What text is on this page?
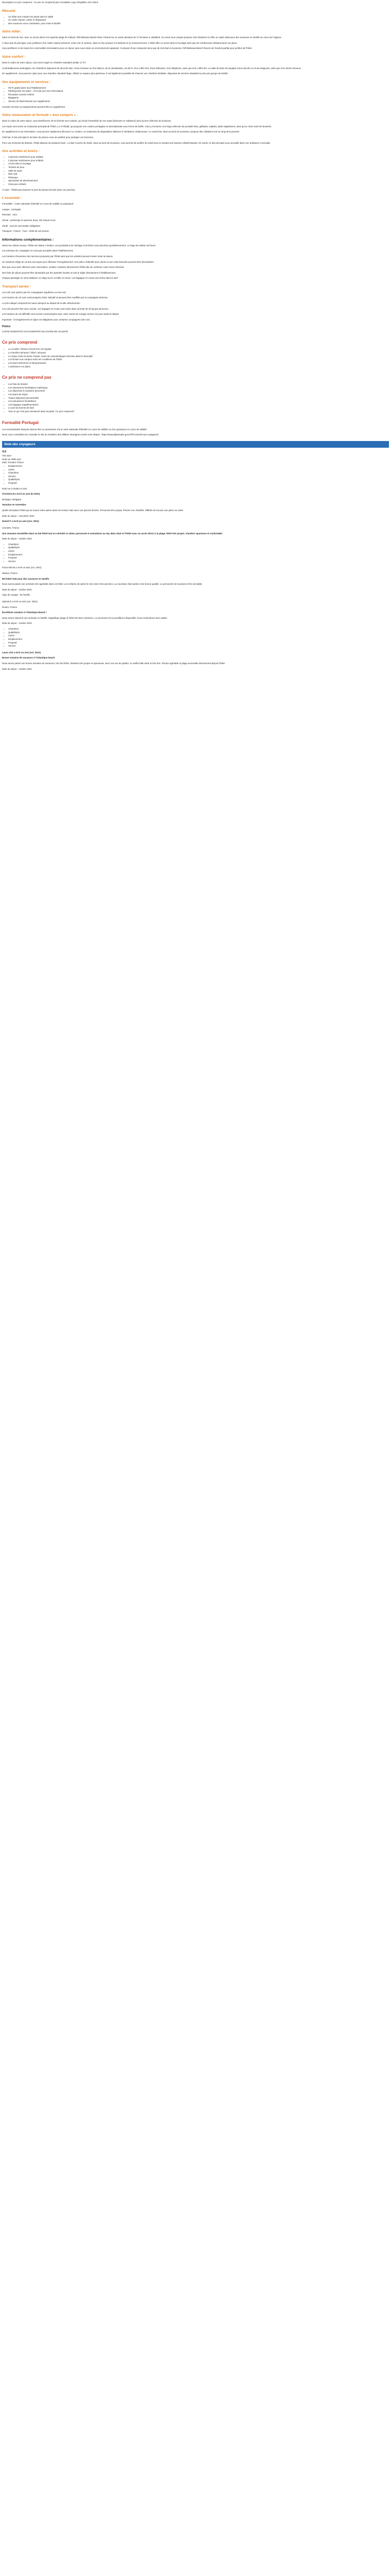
Description Ce prix comprend : Ce prix ne comprend pas Formalités Logo d'équilibre Avis Client

Résumé
• Un hôtel tout compris les pieds dans le sable
• Un cadre naturel, calme et dépaysant
• Des vacances sous contraintes, pour toute la famille
Votre hôtel :

Situé en bord de mer, avec un accès direct à la superbe plage de Fabiosi, l'Elf-Belivana Beach River s'étend sur un vaste domaine de 17 hectares à Jebalboit. Ce resort tout compris propose 218 chambres et offre un cadre idéal pour des vacances en famille au cœur de l'Algarve.

À deux pas du principal, vous profiterez d'un cadre naturel préservé, entre mer et verdure, dans un lieu propice à la détente et au ressourcement. L'hôtel offre un accès direct à la plage ainsi que de nombreuses infrastructures sur place.

Vous profiterez ici de toutes les commodités nécessaires pour un séjour sans souci dans un environnement apaisant. Composé d'une restaurant ainsi que de trois bars à la piscine, l'Elf-Belivana Beach Resort est l'endroit parfait pour profiter de l'hôtel.

Votre confort :

Dans le cadre de votre séjour, vous serez logés en chambre standard double 17 m².

Confortablement aménagées, les chambres disposent de deux lits twin, d'une terrasse ou d'un balcon, de la climatisation, du Wi-Fi, d'un coffre-fort, d'une télévision, d'un téléphone, ainsi que d'un coffre-fort. La salle de bain est équipée d'une douche ou d'une baignoire, ainsi que d'un sèche-cheveux.

En supplément, vous pourrez opter pour une chambre standard large, offrant un espace plus généreux. Il est également possible de réserver une chambre familiale, disposant de services standard au prix par groupe de famille.

Vos équipements et services :
• Wi-Fi gratuit dans tout l'établissement
• Parking privé sur place - 10 € par jour (sur réservation)
• Réception ouverte 24h/24
• Bagagerie
• Service de blanchisserie (en supplément)

Certains services ou équipements peuvent être en supplément.

Votre restauration et formule « tout compris » :

Dans le cadre de votre séjour, vous bénéficierez de la formule tout compris, qui inclut l'ensemble de vos repas (boissons et collations) ainsi qu'une sélection de boissons.

Les repas sont servis au restaurant principal de l'hôtel, Le Al-Ghabi, qui propose une cuisine portugaise et internationale sous forme de buffet. Vous y trouverez une large sélection de produits frais, grillades, salades, plats végétariens, ainsi qu'un choix varié de desserts.

En supplément et sur réservation, vous pourrez également découvrir Le Cedaro, un restaurant de dégustation italienne à l'ambiance chaleureuse. Le snack-bar, situé au bord de la piscine, propose des collations tout au long de la journée.

Côté bar, le bar principal et les bars de piscine vous accueillent pour partager vos boissons.

Pour vos moments de détente, l'hôtel dispose de plusieurs bars : Le Bar Couche de Soleil, situé au bord de la piscine, vous permet de profiter du Soleil tout en sirotant une boisson rafraîchissante. En soirée, le bar principal vous accueille dans une ambiance conviviale.

Vos activités et loisirs :
• 2 piscines extérieures pour adultes
• 2 piscines extérieures pour enfants
• Accès direct à la plage
• Terrains de jeux
• Salle de sport
• Mini club
• Pétanque
• Spectacles de divertissement
• Club pour enfants

À noter : l'hôtel peut imposer le port du bonnet de bain dans ses piscines.

L'essentiel :

Formalités : Carte nationale d'identité en cours de validité ou passeport

Langue : portugais

Monnaie : euro

Climat : printemps et automne doux, été chaud et sec

Santé : aucune vaccination obligatoire

Transport : France - Faro : 2h30 de vol environ

Informations complémentaires :

Selon les critères locaux, l'hôtel est classé 4 étoiles. Les prestations de ménage et de literie sont assurées quotidiennement. Le linge de toilette est fourni.

Les animaux de compagnie ne sont pas acceptés dans l'établissement.

Les horaires d'ouverture des services proposés par l'hôtel ainsi que les activités peuvent varier selon la saison.

Un minimum d'âge de 18 ans est requis pour effectuer l'enregistrement. Une pièce d'identité avec photo et une carte bancaire peuvent être demandées.

Dès que vous avez effectué votre réservation, veuillez contacter directement l'hôtel afin de confirmer votre heure d'arrivée.

Des frais de séjour peuvent être demandés par les autorités locales et sont à régler directement à l'établissement.

Chaque passager se verra attribuer un siège sur le vol aller et retour. Les bagages en soute sont inclus dans le tarif.

Transport aérien :

Les vols sont opérés par les compagnies régulières ou low-cost.

Les horaires de vol sont communiqués à titre indicatif et peuvent être modifiés par la compagnie aérienne.

Le prix indiqué comprend les taxes aéroport au départ de la ville sélectionnée.

Les vols peuvent être avec escale. Les bagages en soute sont inclus dans la limite de 20 kg par personne.

Les horaires de vol définitifs vous seront communiqués avec votre carnet de voyage environ 10 jours avant le départ.

Important : l'enregistrement en ligne est obligatoire pour certaines compagnies low-cost.

Police

CARTE D'IDENTITÉ OU PASSEPORT EN COURS DE VALIDITÉ

Ce prix comprend
• Le vol aller / Retour à bord d'un vol régulier
• Le transfert aéroport / hôtel / aéroport
• Le séjour selon la durée choisie, selon de caractéristiques décrites dans le descriptif
• La formule tout compris selon les conditions de l'hôtel
• Les taxes aériennes et aéroportuaires
• L'assistance sur place
Ce prix ne comprend pas
• Les frais de dossier
• Les assurances facultatives multirisque
• Les dépenses à caractère personnel
• Les taxes de séjour
• Toutes dépenses personnelles
• Les assurances facultatives
• Les bagages supplémentaires
• Le port du bonnet de bain
• Tout ce qui n'est pas mentionné dans la partie "Ce prix comprend"
Formalité Portugal

Les ressortissants français doivent être en possession d'une carte nationale d'identité en cours de validité ou d'un passeport en cours de validité.

Nous vous conseillons de consulter le site du ministère des affaires étrangères avant votre départ : https://www.diplomatie.gouv.fr/fr/conseils-aux-voyageurs/

Note des voyageurs
4,5
Très bien
Noté sur 3993 avis
2021 Trendee Choice
• Emplacement
• Literie
• Chambres
• Service
• Qualité/prix
• Propreté

Noté sur 5 étoiles et avis

Christine M a écrit un avis (le 2021)

Bretagne, Belgique

Semaine en novembre

Quelle déception l'hôtel qui se trouve entre autres dans les écoles mais avec une piscine fermée. Personnel très sympa. Piscine non chauffée. Difficile de trouver une place au soleil.

Date du séjour : novembre 2021

Daniel P a écrit un avis (nov. 2021)

Léonette, France

Une semaine ensoleillée dans un bel hôtel tout en sérénité et calme, personnel et animations au top. Bien situé et l'hôtel avec un accès direct à la plage, hôtel très propre, chambre spacieuse et confortable.

Date du séjour : octobre 2021

• Chambres
• Qualité/prix
• Literie
• Emplacement
• Propreté
• Service

Fiona elle tès a écrit un avis (oct. 2021)

Nantes, France

Bel hôtel club pour des vacances en famille

Nous avons passé une semaine très agréable dans cet hôtel. Les enfants ont adoré le mini club et les piscines. La nourriture était variée et de bonne qualité. Le personnel est souriant et très serviable.

Date du séjour : octobre 2021

Type de voyage : En famille

Sylvain E a écrit un avis (oct. 2021)

Rouen, France

Excellente semaine à l'Atlantique Beach !

Nous avons séjourné une semaine en famille. Magnifique plage et hôtel très bien entretenu. Le personnel est accueillant et disponible. Nous reviendrons avec plaisir.

Date du séjour : octobre 2021

• Chambres
• Qualité/prix
• Literie
• Emplacement
• Propreté
• Service

Laura JO2 a écrit un avis (oct. 2021)

Bonne semaine de vacances à l'Atlantique beach

Nous avons passé une bonne semaine de vacances, très bel hôtel, chambre très propre et spacieuse, avec vue sur les jardins. Le buffet était varié et très bon. Piscine agréable et plage accessible directement depuis l'hôtel.

Date du séjour : octobre 2021
